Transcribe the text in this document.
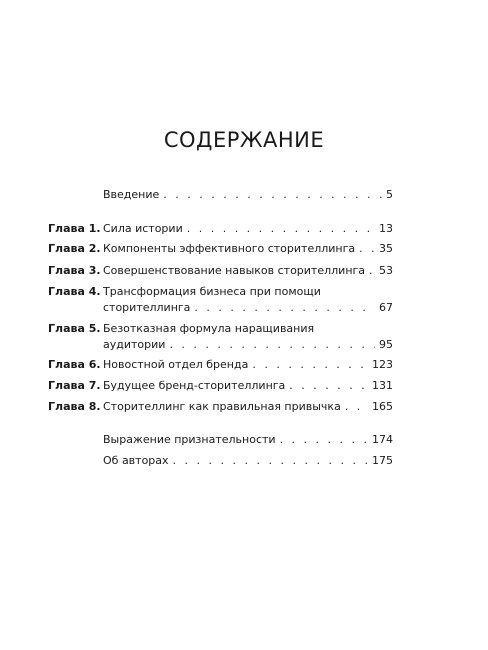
СОДЕРЖАНИЕ
Введение . . .	5
Глава 1. Сила истории . . .	13
Глава 2. Компоненты эффективного сторителлинга . . . 35
Глава 3. Совершенствование навыков сторителлинга . . . 53
Глава 4. Трансформация бизнеса при помощи
сторителлинга . . .	67
Глава 5. Безотказная формула наращивания
аудитории . . .	95
Глава 6. Новостной отдел бренда . . .	123
Глава 7. Будущее бренд-сторителлинга . . .	131
Глава 8. Сторителлинг как правильная привычка . . .	165
Выражение признательности . . .	174
Об авторах . . .	175
